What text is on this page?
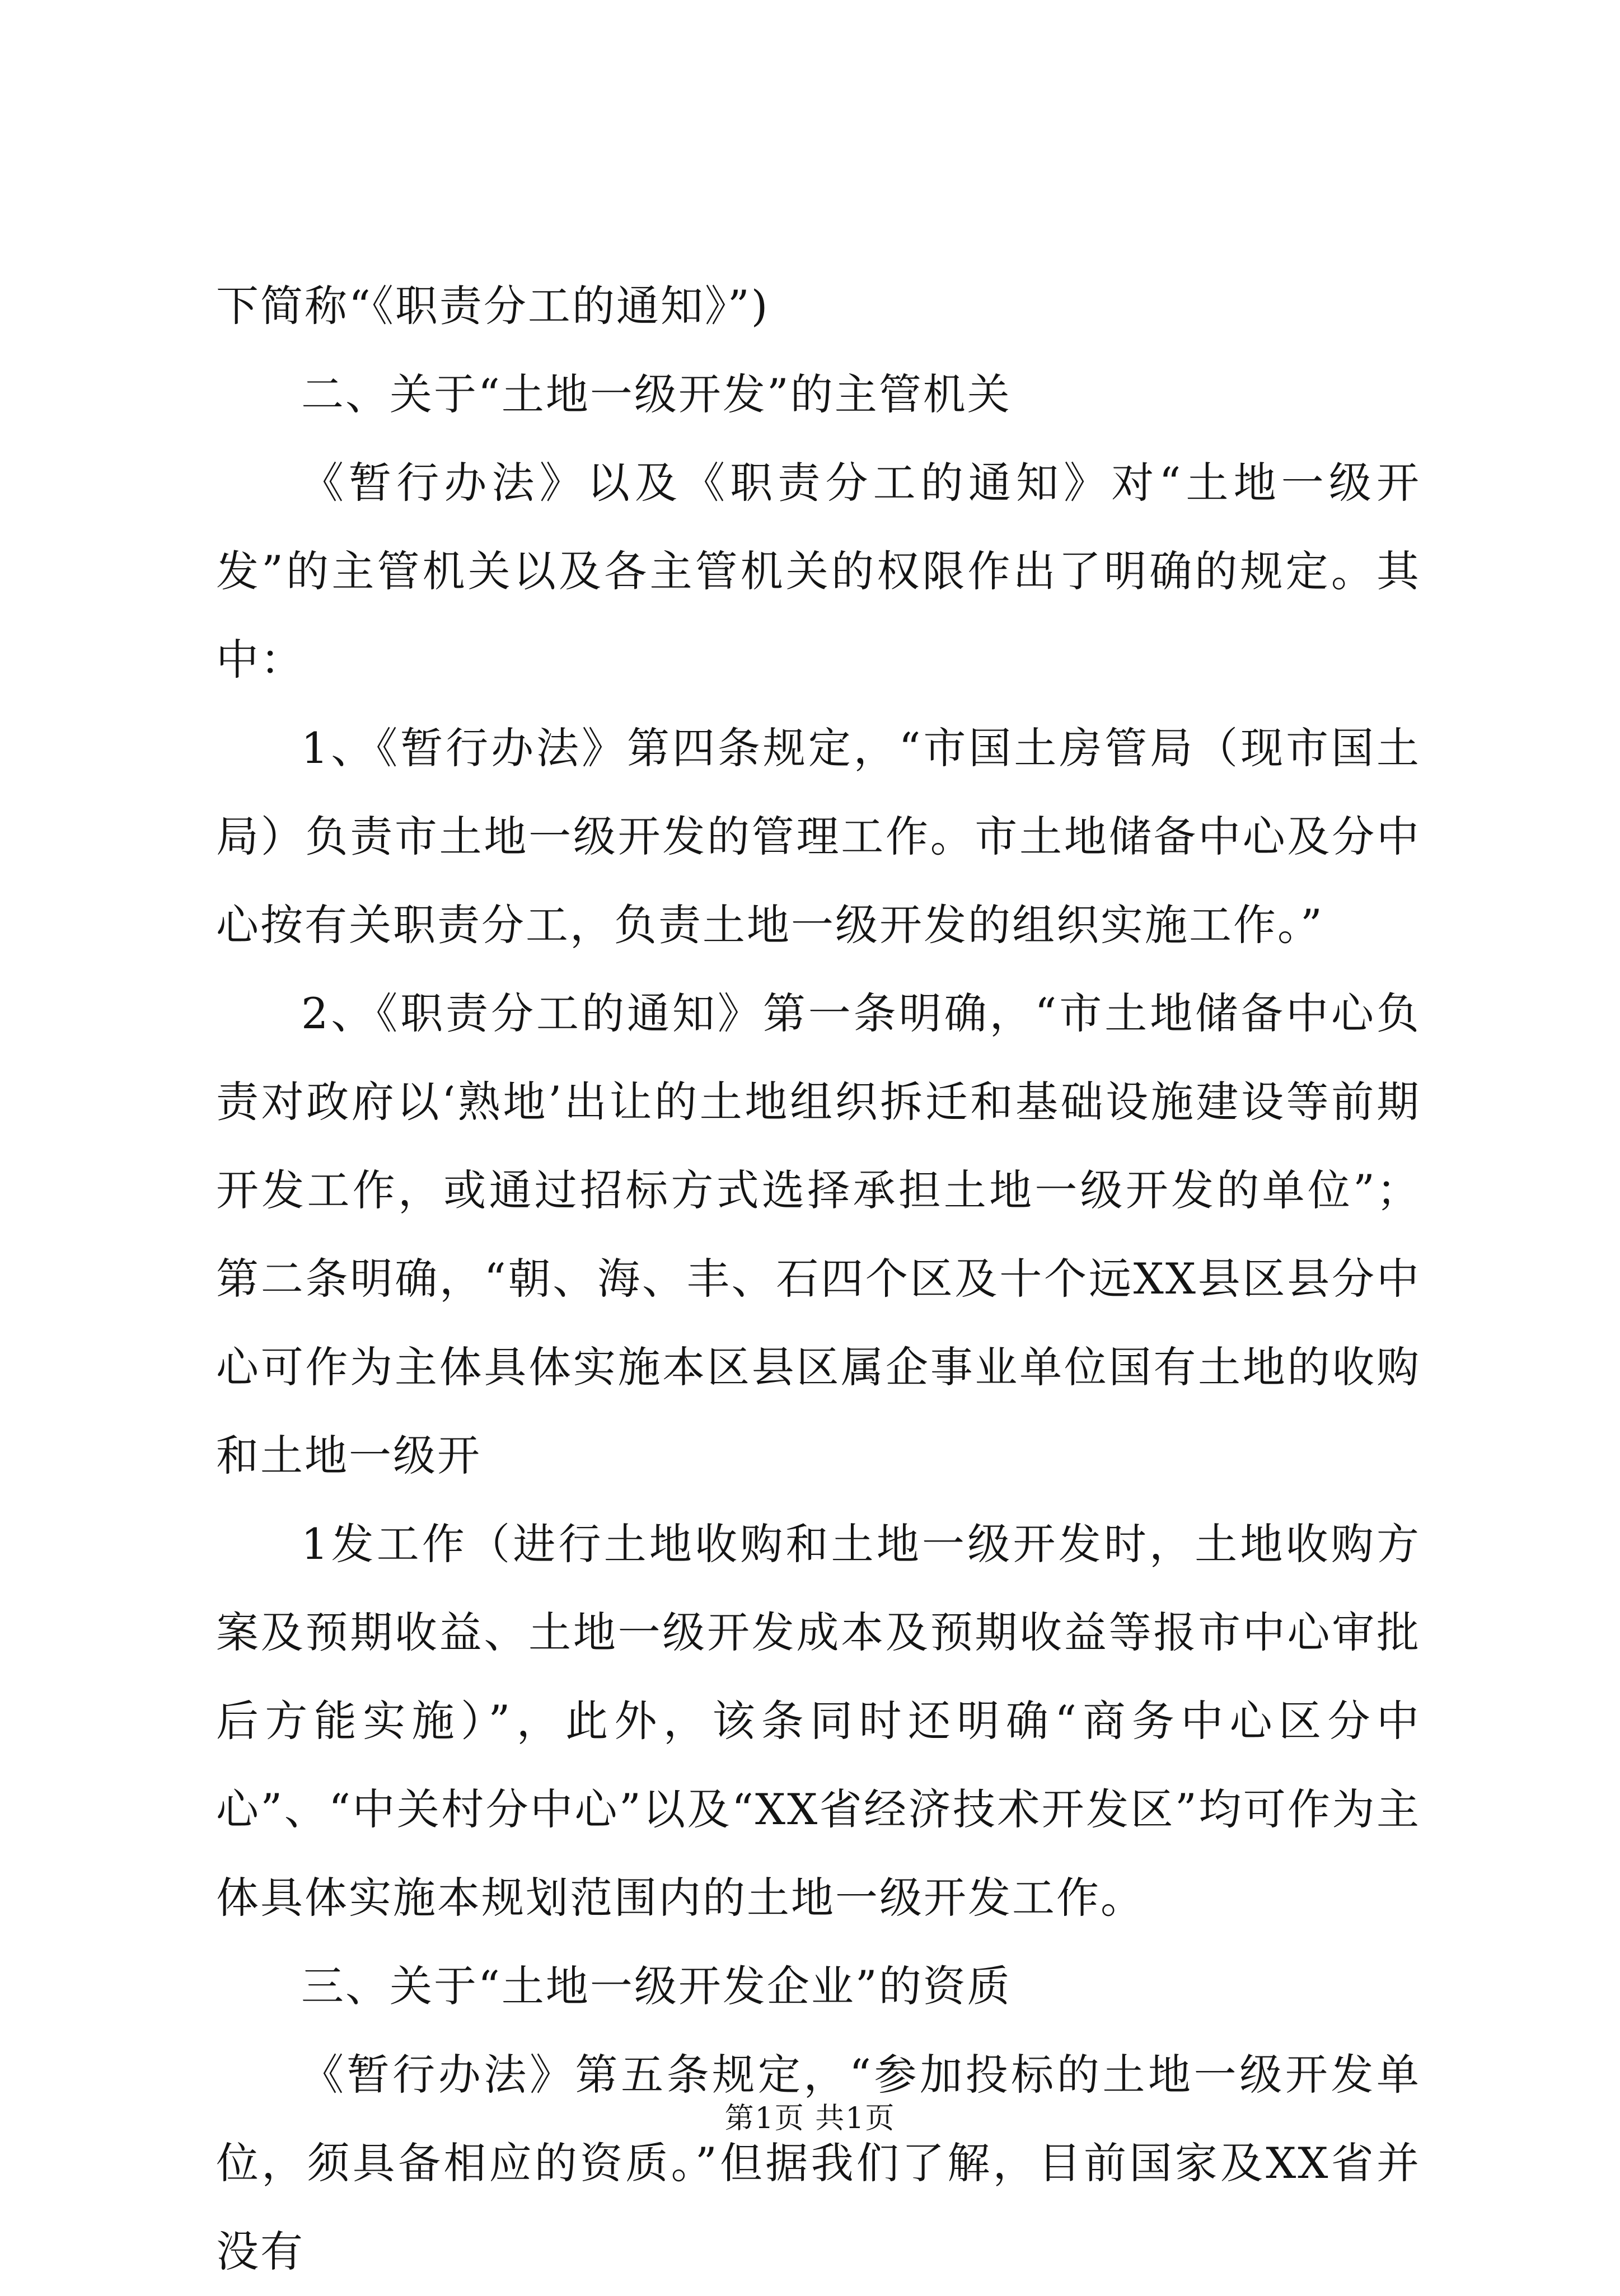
下简称“《职责分工的通知》”)

二、关于“土地一级开发”的主管机关

《暂行办法》以及《职责分工的通知》对“土地一级开发”的主管机关以及各主管机关的权限作出了明确的规定。其中：

1、《暂行办法》第四条规定，“市国土房管局（现市国土局）负责市土地一级开发的管理工作。市土地储备中心及分中心按有关职责分工，负责土地一级开发的组织实施工作。”

2、《职责分工的通知》第一条明确，“市土地储备中心负责对政府以‘熟地’出让的土地组织拆迁和基础设施建设等前期开发工作，或通过招标方式选择承担土地一级开发的单位”；第二条明确，“朝、海、丰、石四个区及十个远XX县区县分中心可作为主体具体实施本区县区属企事业单位国有土地的收购和土地一级开

1发工作（进行土地收购和土地一级开发时，土地收购方案及预期收益、土地一级开发成本及预期收益等报市中心审批后方能实施）”，此外，该条同时还明确“商务中心区分中心”、“中关村分中心”以及“XX省经济技术开发区”均可作为主体具体实施本规划范围内的土地一级开发工作。

三、关于“土地一级开发企业”的资质

《暂行办法》第五条规定，“参加投标的土地一级开发单位，须具备相应的资质。”但据我们了解，目前国家及XX省并没有

第1页 共1页
